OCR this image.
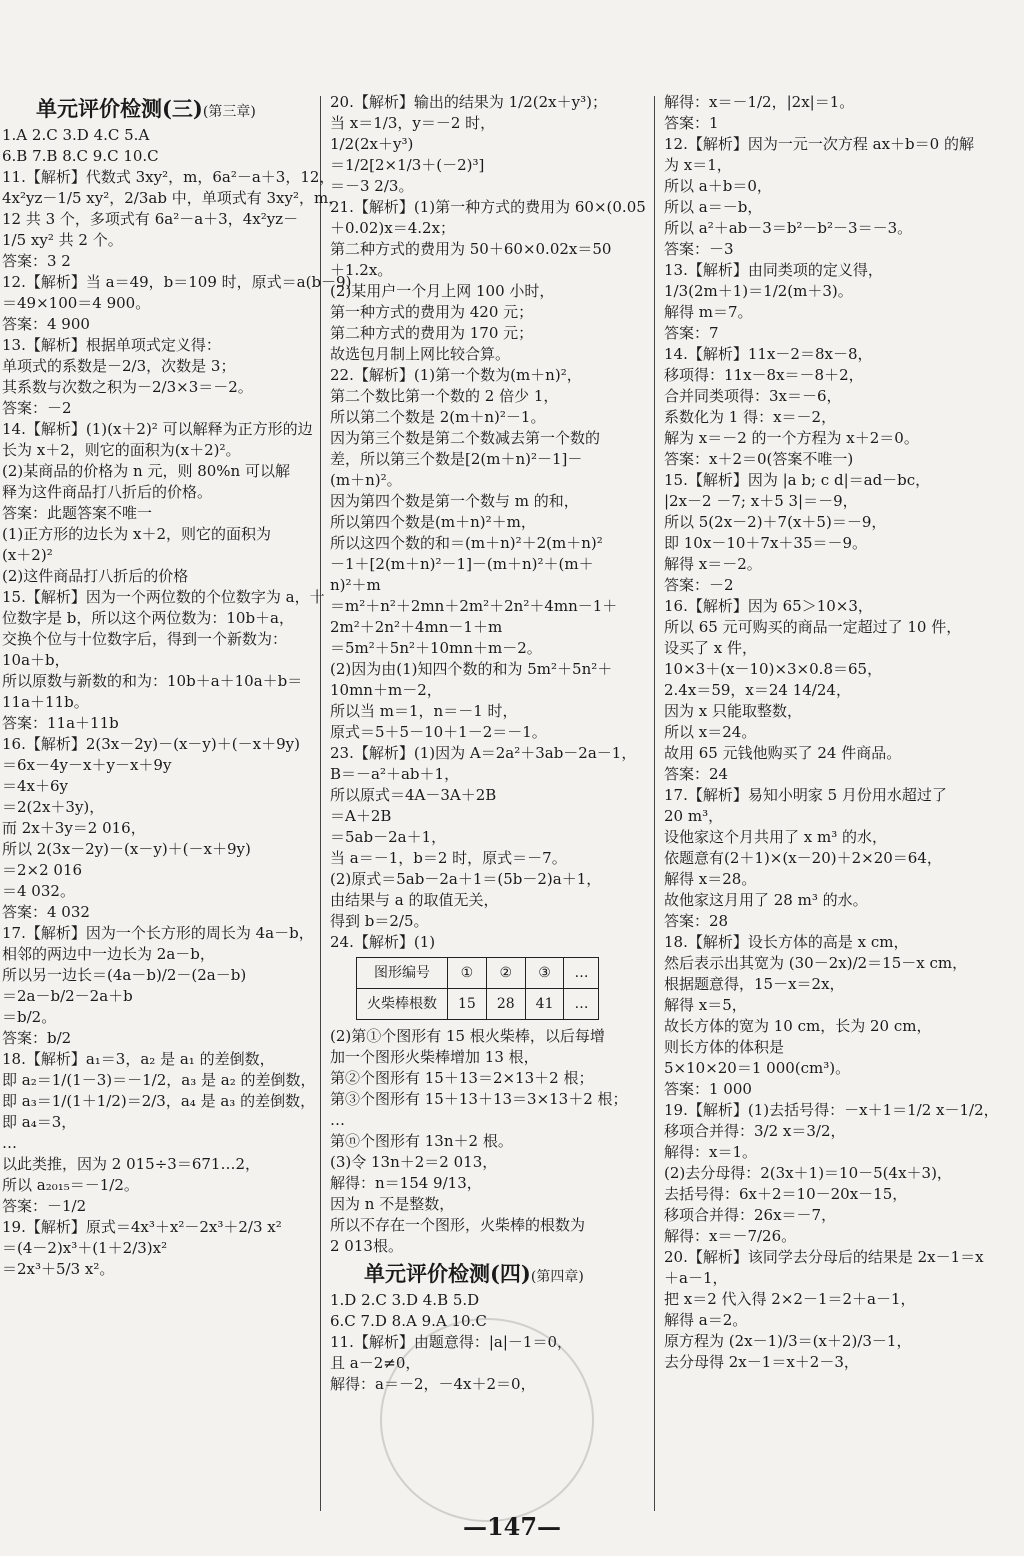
单元评价检测(三)(第三章)
1.A 2.C 3.D 4.C 5.A
6.B 7.B 8.C 9.C 10.C
11.【解析】代数式 3xy²，m，6a²－a＋3，12，
4x²yz－1/5 xy²，2/3ab 中，单项式有 3xy²，m，
12 共 3 个，多项式有 6a²－a＋3，4x²yz－
1/5 xy² 共 2 个。
答案：3 2
12.【解析】当 a＝49，b＝109 时，原式＝a(b－9)
＝49×100＝4 900。
答案：4 900
13.【解析】根据单项式定义得：
单项式的系数是－2/3，次数是 3；
其系数与次数之积为－2/3×3＝－2。
答案：－2
14.【解析】(1)(x＋2)² 可以解释为正方形的边
长为 x＋2，则它的面积为(x＋2)²。
(2)某商品的价格为 n 元，则 80%n 可以解
释为这件商品打八折后的价格。
答案：此题答案不唯一
(1)正方形的边长为 x＋2，则它的面积为
(x＋2)²
(2)这件商品打八折后的价格
15.【解析】因为一个两位数的个位数字为 a，十
位数字是 b，所以这个两位数为：10b＋a，
交换个位与十位数字后，得到一个新数为：
10a＋b，
所以原数与新数的和为：10b＋a＋10a＋b＝
11a＋11b。
答案：11a＋11b
16.【解析】2(3x－2y)－(x－y)＋(－x＋9y)
＝6x－4y－x＋y－x＋9y
＝4x＋6y
＝2(2x＋3y)，
而 2x＋3y＝2 016，
所以 2(3x－2y)－(x－y)＋(－x＋9y)
＝2×2 016
＝4 032。
答案：4 032
17.【解析】因为一个长方形的周长为 4a－b，
相邻的两边中一边长为 2a－b，
所以另一边长＝(4a－b)/2－(2a－b)
＝2a－b/2－2a＋b
＝b/2。
答案：b/2
18.【解析】a₁＝3，a₂ 是 a₁ 的差倒数，
即 a₂＝1/(1－3)＝－1/2，a₃ 是 a₂ 的差倒数，
即 a₃＝1/(1＋1/2)＝2/3，a₄ 是 a₃ 的差倒数，
即 a₄＝3，
…
以此类推，因为 2 015÷3＝671…2，
所以 a₂₀₁₅＝－1/2。
答案：－1/2
19.【解析】原式＝4x³＋x²－2x³＋2/3 x²
＝(4－2)x³＋(1＋2/3)x²
＝2x³＋5/3 x²。
20.【解析】输出的结果为 1/2(2x＋y³)；
当 x＝1/3，y＝－2 时，
1/2(2x＋y³)
＝1/2[2×1/3＋(－2)³]
＝－3 2/3。
21.【解析】(1)第一种方式的费用为 60×(0.05
＋0.02)x＝4.2x；
第二种方式的费用为 50＋60×0.02x＝50
＋1.2x。
(2)某用户一个月上网 100 小时，
第一种方式的费用为 420 元；
第二种方式的费用为 170 元；
故选包月制上网比较合算。
22.【解析】(1)第一个数为(m＋n)²，
第二个数比第一个数的 2 倍少 1，
所以第二个数是 2(m＋n)²－1。
因为第三个数是第二个数减去第一个数的
差，所以第三个数是[2(m＋n)²－1]－
(m＋n)²。
因为第四个数是第一个数与 m 的和，
所以第四个数是(m＋n)²＋m，
所以这四个数的和＝(m＋n)²＋2(m＋n)²
－1＋[2(m＋n)²－1]－(m＋n)²＋(m＋
n)²＋m
＝m²＋n²＋2mn＋2m²＋2n²＋4mn－1＋
2m²＋2n²＋4mn－1＋m
＝5m²＋5n²＋10mn＋m－2。
(2)因为由(1)知四个数的和为 5m²＋5n²＋
10mn＋m－2，
所以当 m＝1，n＝－1 时，
原式＝5＋5－10＋1－2＝－1。
23.【解析】(1)因为 A＝2a²＋3ab－2a－1，
B＝－a²＋ab＋1，
所以原式＝4A－3A＋2B
＝A＋2B
＝5ab－2a＋1，
当 a＝－1，b＝2 时，原式＝－7。
(2)原式＝5ab－2a＋1＝(5b－2)a＋1，
由结果与 a 的取值无关，
得到 b＝2/5。
24.【解析】(1)
图形编号	①	②	③	…
火柴棒根数	15	28	41	…
(2)第①个图形有 15 根火柴棒，以后每增
加一个图形火柴棒增加 13 根，
第②个图形有 15＋13＝2×13＋2 根；
第③个图形有 15＋13＋13＝3×13＋2 根；
…
第ⓝ个图形有 13n＋2 根。
(3)令 13n＋2＝2 013，
解得：n＝154 9/13，
因为 n 不是整数，
所以不存在一个图形，火柴棒的根数为
2 013根。
单元评价检测(四)(第四章)
1.D 2.C 3.D 4.B 5.D
6.C 7.D 8.A 9.A 10.C
11.【解析】由题意得：|a|－1＝0，
且 a－2≠0，
解得：a＝－2，－4x＋2＝0，
解得：x＝－1/2，|2x|＝1。
答案：1
12.【解析】因为一元一次方程 ax＋b＝0 的解
为 x＝1，
所以 a＋b＝0，
所以 a＝－b，
所以 a²＋ab－3＝b²－b²－3＝－3。
答案：－3
13.【解析】由同类项的定义得，
1/3(2m＋1)＝1/2(m＋3)。
解得 m＝7。
答案：7
14.【解析】11x－2＝8x－8，
移项得：11x－8x＝－8＋2，
合并同类项得：3x＝－6，
系数化为 1 得：x＝－2，
解为 x＝－2 的一个方程为 x＋2＝0。
答案：x＋2＝0(答案不唯一)
15.【解析】因为 |a b; c d|＝ad－bc，
|2x－2 －7; x＋5 3|＝－9，
所以 5(2x－2)＋7(x＋5)＝－9，
即 10x－10＋7x＋35＝－9。
解得 x＝－2。
答案：－2
16.【解析】因为 65＞10×3，
所以 65 元可购买的商品一定超过了 10 件，
设买了 x 件，
10×3＋(x－10)×3×0.8＝65，
2.4x＝59，x＝24 14/24，
因为 x 只能取整数，
所以 x＝24。
故用 65 元钱他购买了 24 件商品。
答案：24
17.【解析】易知小明家 5 月份用水超过了
20 m³，
设他家这个月共用了 x m³ 的水，
依题意有(2＋1)×(x－20)＋2×20＝64，
解得 x＝28。
故他家这月用了 28 m³ 的水。
答案：28
18.【解析】设长方体的高是 x cm，
然后表示出其宽为 (30－2x)/2＝15－x cm，
根据题意得，15－x＝2x，
解得 x＝5，
故长方体的宽为 10 cm，长为 20 cm，
则长方体的体积是
5×10×20＝1 000(cm³)。
答案：1 000
19.【解析】(1)去括号得：－x＋1＝1/2 x－1/2，
移项合并得：3/2 x＝3/2，
解得：x＝1。
(2)去分母得：2(3x＋1)＝10－5(4x＋3)，
去括号得：6x＋2＝10－20x－15，
移项合并得：26x＝－7，
解得：x＝－7/26。
20.【解析】该同学去分母后的结果是 2x－1＝x
＋a－1，
把 x＝2 代入得 2×2－1＝2＋a－1，
解得 a＝2。
原方程为 (2x－1)/3＝(x＋2)/3－1，
去分母得 2x－1＝x＋2－3，
—147—
